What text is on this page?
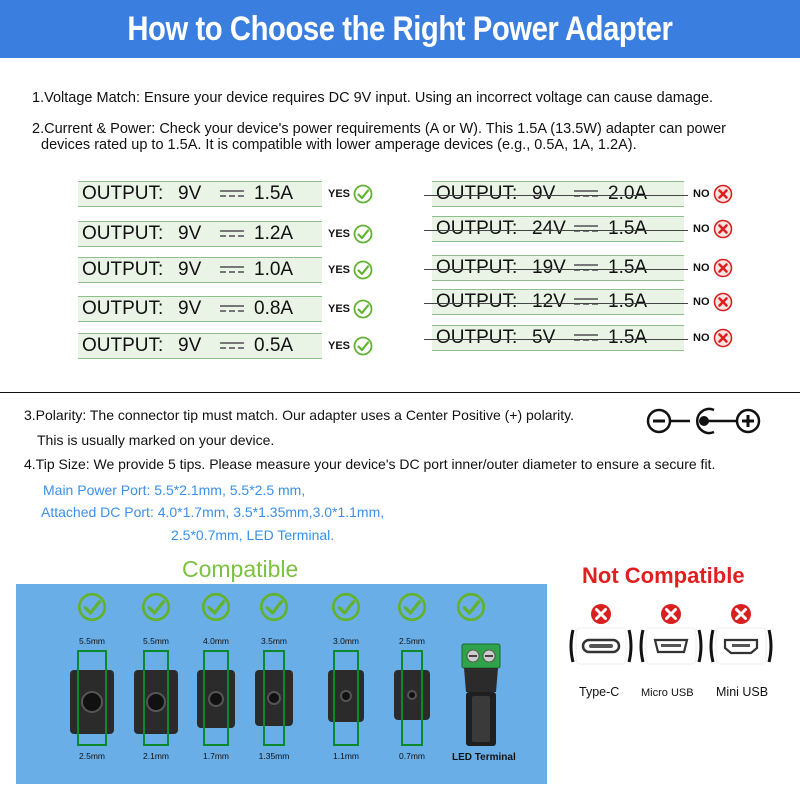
How to Choose the Right Power Adapter
1.Voltage Match: Ensure your device requires DC 9V input. Using an incorrect voltage can cause damage.
2.Current & Power: Check your device's power requirements (A or W). This 1.5A (13.5W) adapter can power
devices rated up to 1.5A. It is compatible with lower amperage devices (e.g., 0.5A, 1A, 1.2A).
OUTPUT: 9V	1.5A	YES
OUTPUT: 9V	1.2A	YES
OUTPUT: 9V	1.0A	YES
OUTPUT: 9V	0.8A	YES
OUTPUT: 9V	0.5A	YES
OUTPUT: 9V	2.0A	NO
OUTPUT: 24V	1.5A	NO
OUTPUT: 19V	1.5A	NO
OUTPUT: 12V	1.5A	NO
OUTPUT: 5V	1.5A	NO
3.Polarity: The connector tip must match. Our adapter uses a Center Positive (+) polarity.
This is usually marked on your device.
4.Tip Size: We provide 5 tips. Please measure your device's DC port inner/outer diameter to ensure a secure fit.
Main Power Port: 5.5*2.1mm, 5.5*2.5 mm,
Attached DC Port: 4.0*1.7mm, 3.5*1.35mm,3.0*1.1mm,
2.5*0.7mm, LED Terminal.
Compatible
5.5mm
2.5mm
5.5mm
2.1mm
4.0mm
1.7mm
3.5mm
1.35mm
3.0mm
1.1mm
2.5mm
0.7mm	LED Terminal
Not Compatible
Type-C Micro USB Mini USB
